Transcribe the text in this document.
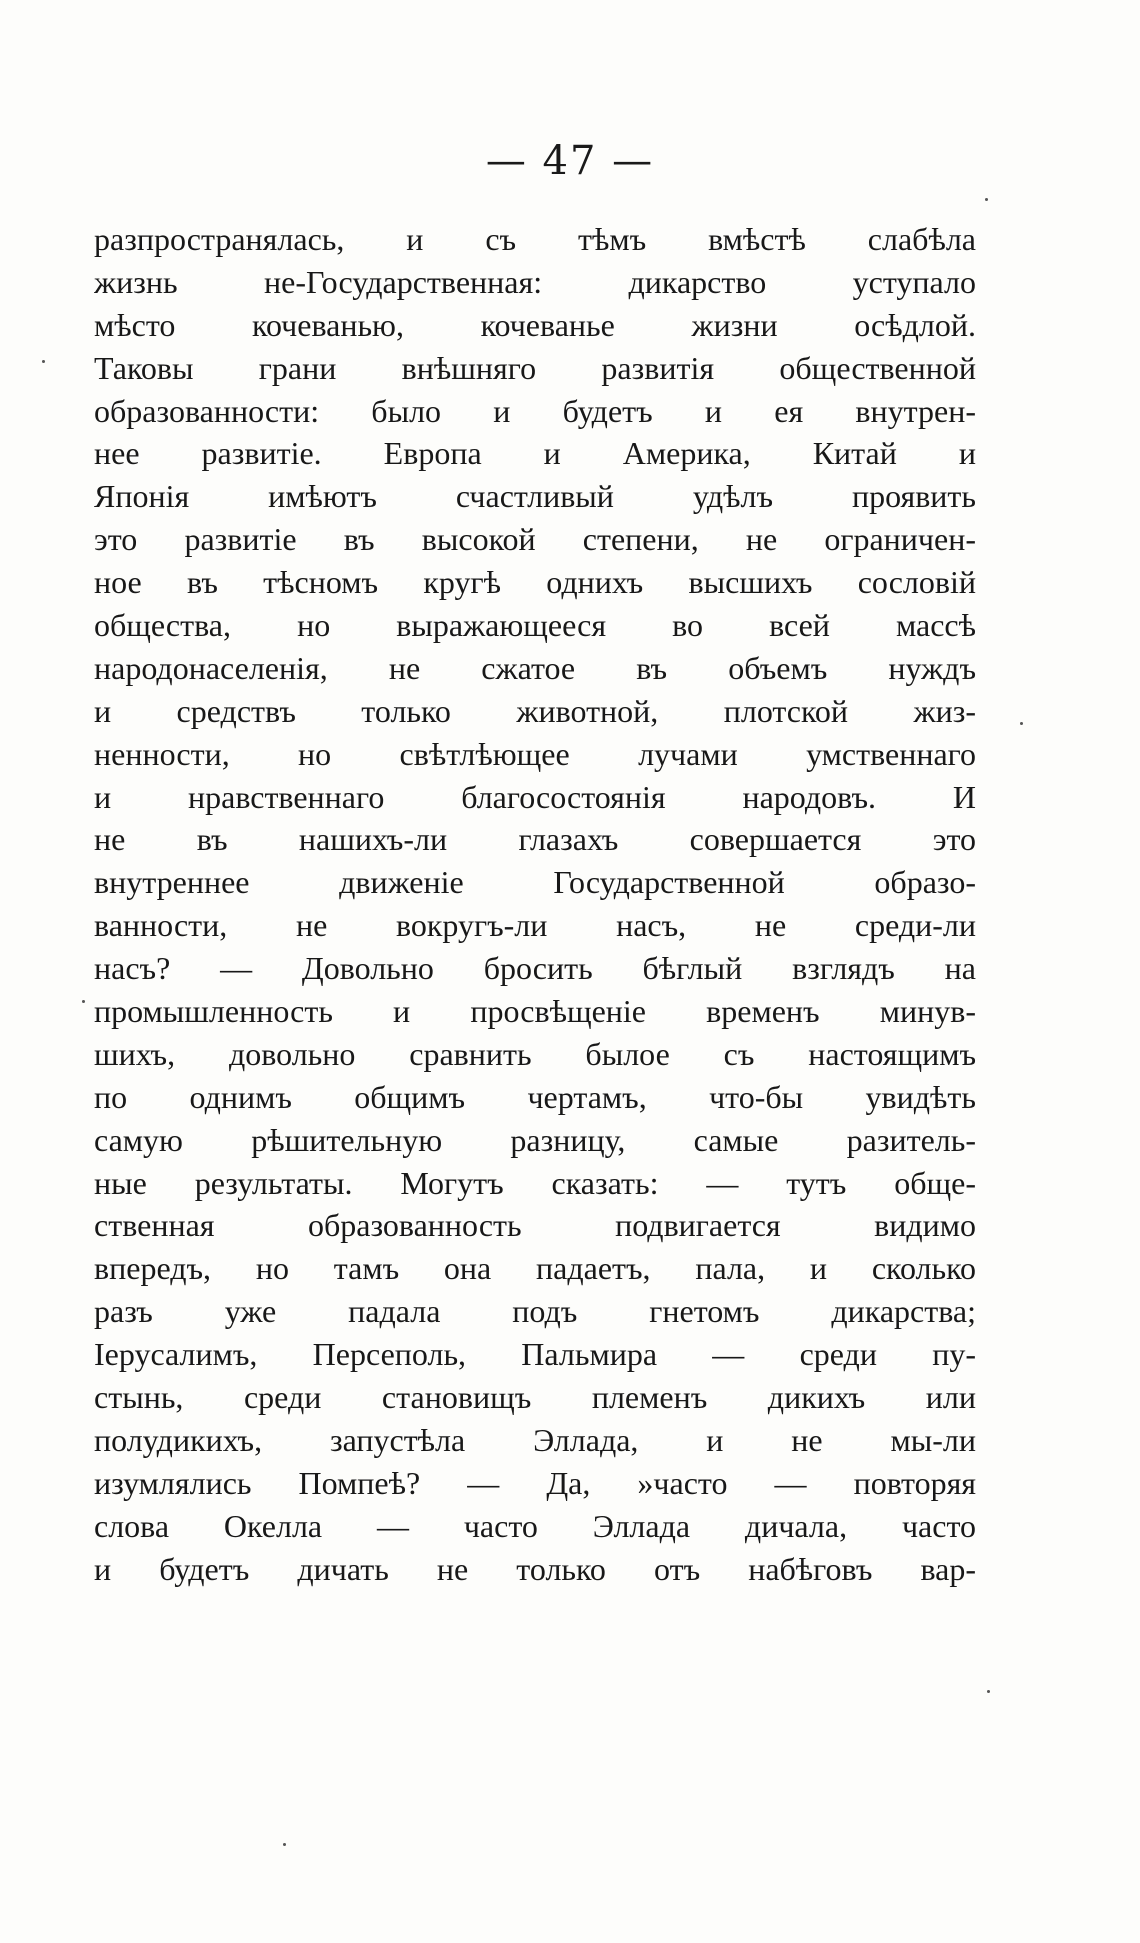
— 47 —
разпространялась, и съ тѣмъ вмѣстѣ слабѣла
жизнь не-Государственная: дикарство уступало
мѣсто кочеванью, кочеванье жизни осѣдлой.
Таковы грани внѣшняго развитія общественной
образованности: было и будетъ и ея внутрен-
нее развитіе. Европа и Америка, Китай и
Японія имѣютъ счастливый удѣлъ проявить
это развитіе въ высокой степени, не ограничен-
ное въ тѣсномъ кругѣ однихъ высшихъ сословій
общества, но выражающееся во всей массѣ
народонаселенія, не сжатое въ объемъ нуждъ
и средствъ только животной, плотской жиз-
ненности, но свѣтлѣющее лучами умственнаго
и нравственнаго благосостоянія народовъ. И
не въ нашихъ-ли глазахъ совершается это
внутреннее движеніе Государственной образо-
ванности, не вокругъ-ли насъ, не среди-ли
насъ? — Довольно бросить бѣглый взглядъ на
промышленность и просвѣщеніе временъ минув-
шихъ, довольно сравнить былое съ настоящимъ
по однимъ общимъ чертамъ, что-бы увидѣть
самую рѣшительную разницу, самые разитель-
ные результаты. Могутъ сказать: — тутъ обще-
ственная образованность подвигается видимо
впередъ, но тамъ она падаетъ, пала, и сколько
разъ уже падала подъ гнетомъ дикарства;
Іерусалимъ, Персеполь, Пальмира — среди пу-
стынь, среди становищъ племенъ дикихъ или
полудикихъ, запустѣла Эллада, и не мы-ли
изумлялись Помпеѣ? — Да, »часто — повторяя
слова Окелла — часто Эллада дичала, часто
и будетъ дичать не только отъ набѣговъ вар-
